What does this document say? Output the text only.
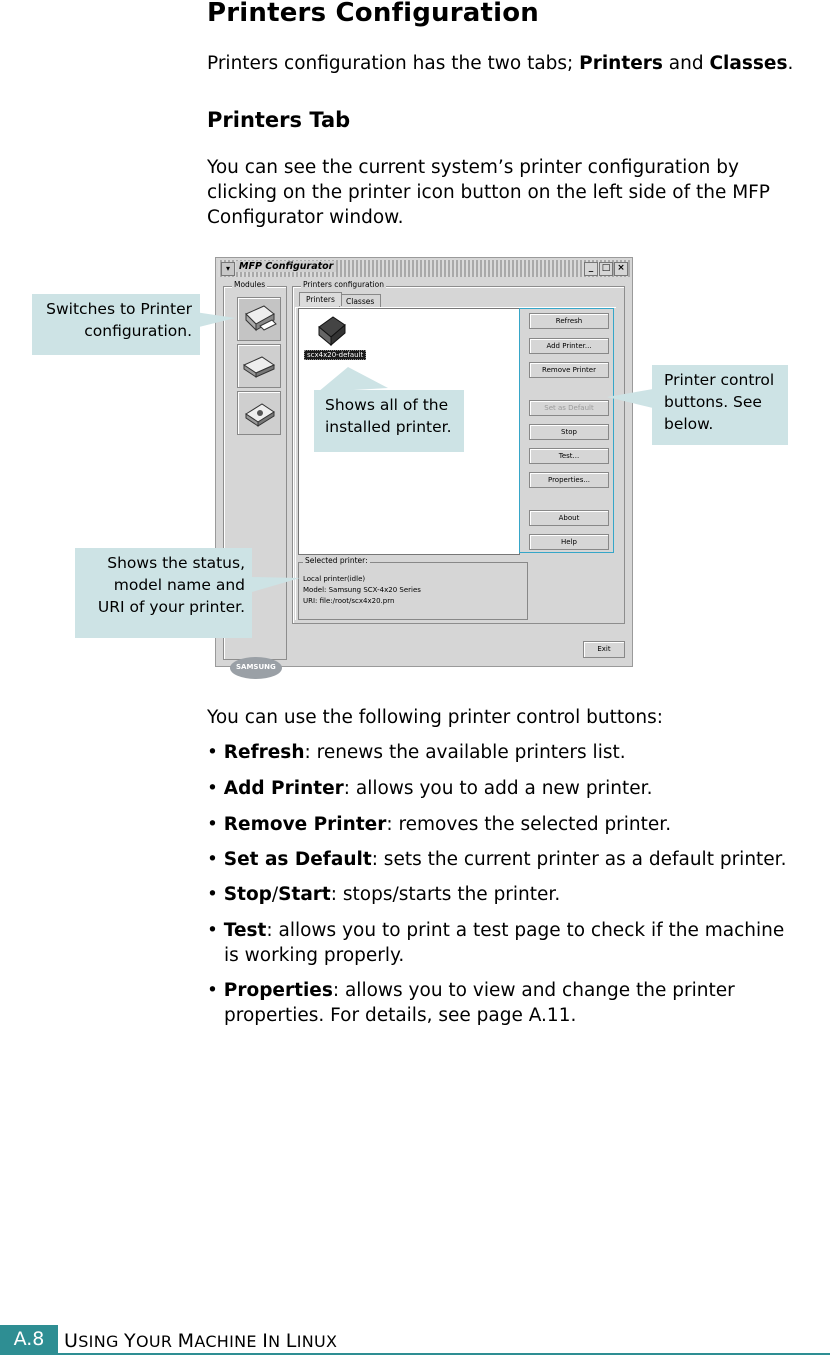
Printers Configuration
Printers configuration has the two tabs; Printers and Classes.
Printers Tab
You can see the current system’s printer configuration by
clicking on the printer icon button on the left side of the MFP
Configurator window.
▾ MFP Configurator	_ □ ×
Modules
SAMSUNG
Printers configuration
Printers	Classes
scx4x20-default
Refresh
Add Printer...
Remove Printer
Set as Default
Stop
Test...
Properties...
About
Help
Selected printer:
Local printer(idle)
Model: Samsung SCX-4x20 Series
URI: file:/root/scx4x20.prn
Exit
Switches to Printer
configuration.
Shows all of the
installed printer.
Printer control
buttons. See
below.
Shows the status,
model name and
URI of your printer.
You can use the following printer control buttons:
• Refresh: renews the available printers list.
• Add Printer: allows you to add a new printer.
• Remove Printer: removes the selected printer.
• Set as Default: sets the current printer as a default printer.
• Stop/Start: stops/starts the printer.
• Test: allows you to print a test page to check if the machine
is working properly.
• Properties: allows you to view and change the printer
properties. For details, see page A.11.
A.8	USING YOUR MACHINE IN LINUX
